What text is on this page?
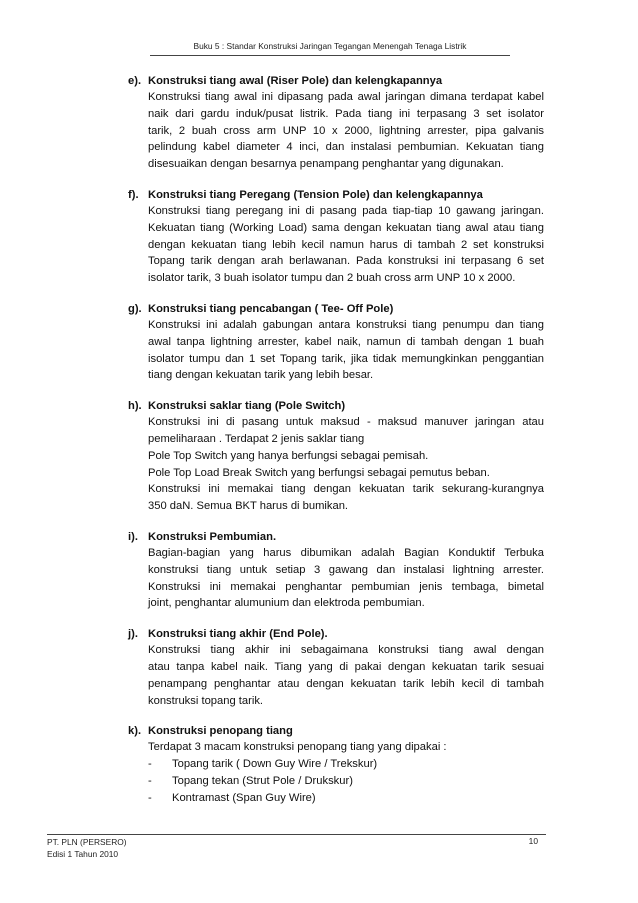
Buku 5 : Standar Konstruksi Jaringan Tegangan Menengah Tenaga Listrik
e). Konstruksi tiang awal (Riser Pole) dan kelengkapannya
Konstruksi tiang awal ini dipasang pada awal jaringan dimana terdapat kabel
naik dari gardu induk/pusat listrik. Pada tiang ini terpasang 3 set isolator
tarik, 2 buah cross arm UNP 10 x 2000, lightning arrester, pipa galvanis
pelindung kabel diameter 4 inci, dan instalasi pembumian. Kekuatan tiang
disesuaikan dengan besarnya penampang penghantar yang digunakan.
f). Konstruksi tiang Peregang (Tension Pole) dan kelengkapannya
Konstruksi tiang peregang ini di pasang pada tiap-tiap 10 gawang jaringan.
Kekuatan tiang (Working Load) sama dengan kekuatan tiang awal atau tiang
dengan kekuatan tiang lebih kecil namun harus di tambah 2 set konstruksi
Topang tarik dengan arah berlawanan. Pada konstruksi ini terpasang 6 set
isolator tarik, 3 buah isolator tumpu dan 2 buah cross arm UNP 10 x 2000.
g). Konstruksi tiang pencabangan ( Tee- Off Pole)
Konstruksi ini adalah gabungan antara konstruksi tiang penumpu dan tiang
awal tanpa lightning arrester, kabel naik, namun di tambah dengan 1 buah
isolator tumpu dan 1 set Topang tarik, jika tidak memungkinkan penggantian
tiang dengan kekuatan tarik yang lebih besar.
h). Konstruksi saklar tiang (Pole Switch)
Konstruksi ini di pasang untuk maksud - maksud manuver jaringan atau
pemeliharaan . Terdapat 2 jenis saklar tiang
Pole Top Switch yang hanya berfungsi sebagai pemisah.
Pole Top Load Break Switch yang berfungsi sebagai pemutus beban.
Konstruksi ini memakai tiang dengan kekuatan tarik sekurang-kurangnya
350 daN. Semua BKT harus di bumikan.
i). Konstruksi Pembumian.
Bagian-bagian yang harus dibumikan adalah Bagian Konduktif Terbuka
konstruksi tiang untuk setiap 3 gawang dan instalasi lightning arrester.
Konstruksi ini memakai penghantar pembumian jenis tembaga, bimetal
joint, penghantar alumunium dan elektroda pembumian.
j). Konstruksi tiang akhir (End Pole).
Konstruksi tiang akhir ini sebagaimana konstruksi tiang awal dengan
atau tanpa kabel naik. Tiang yang di pakai dengan kekuatan tarik sesuai
penampang penghantar atau dengan kekuatan tarik lebih kecil di tambah
konstruksi topang tarik.
k). Konstruksi penopang tiang
Terdapat 3 macam konstruksi penopang tiang yang dipakai :
-	Topang tarik ( Down Guy Wire / Trekskur)
-	Topang tekan (Strut Pole / Drukskur)
-	Kontramast (Span Guy Wire)
PT. PLN (PERSERO)
Edisi 1 Tahun 2010
10
